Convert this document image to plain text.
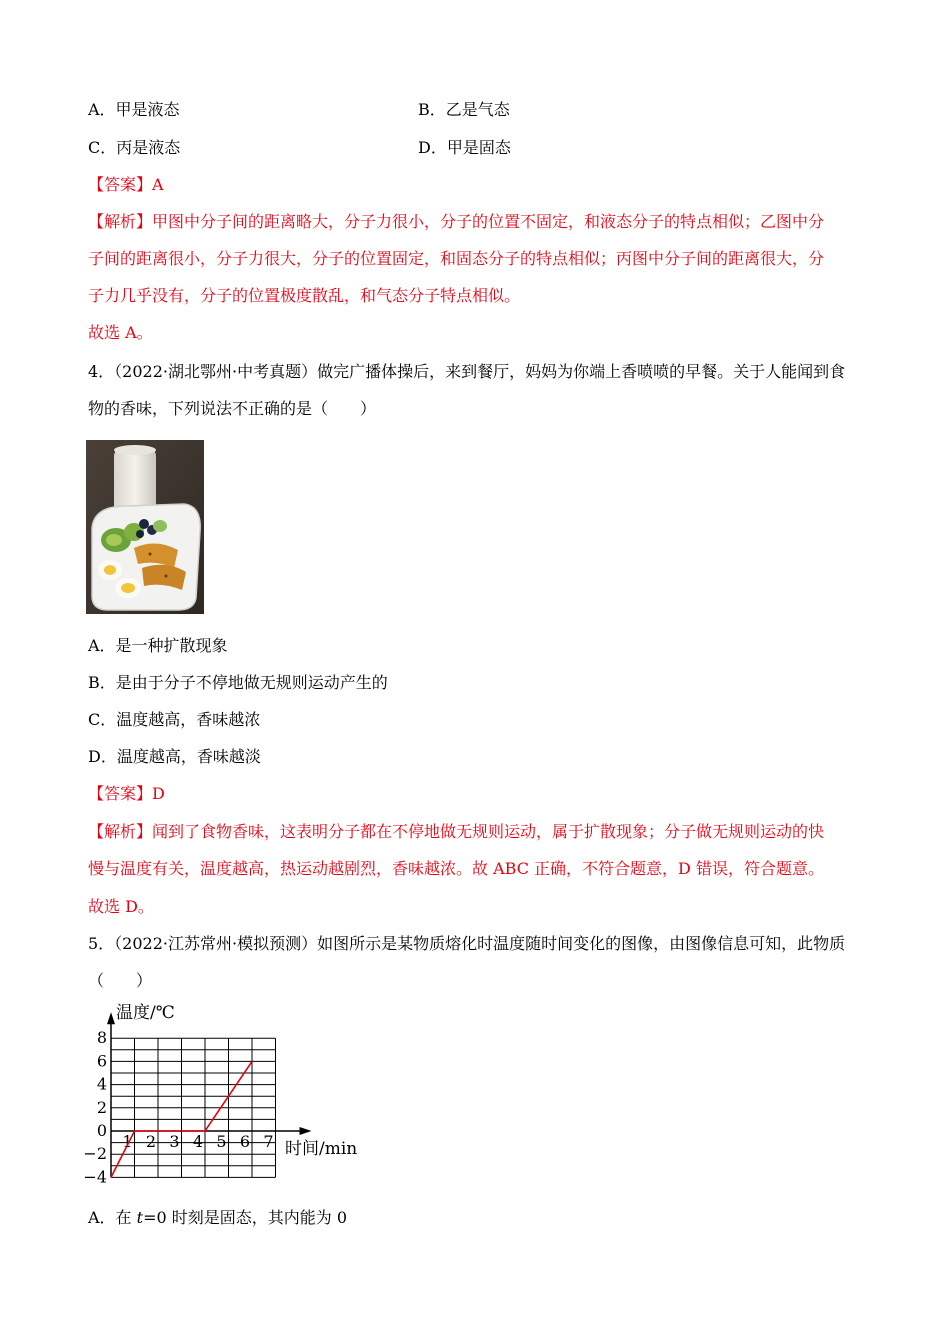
A．甲是液态	B．乙是气态
C．丙是液态	D．甲是固态
【答案】A
【解析】甲图中分子间的距离略大，分子力很小，分子的位置不固定，和液态分子的特点相似；乙图中分
子间的距离很小，分子力很大，分子的位置固定，和固态分子的特点相似；丙图中分子间的距离很大，分
子力几乎没有，分子的位置极度散乱，和气态分子特点相似。
故选 A。
4．（2022·湖北鄂州·中考真题）做完广播体操后，来到餐厅，妈妈为你端上香喷喷的早餐。关于人能闻到食
物的香味，下列说法不正确的是（　　）
A．是一种扩散现象
B．是由于分子不停地做无规则运动产生的
C．温度越高，香味越浓
D．温度越高，香味越淡
【答案】D
【解析】闻到了食物香味，这表明分子都在不停地做无规则运动，属于扩散现象；分子做无规则运动的快
慢与温度有关，温度越高，热运动越剧烈，香味越浓。故 ABC 正确，不符合题意，D 错误，符合题意。
故选 D。
5．（2022·江苏常州·模拟预测）如图所示是某物质熔化时温度随时间变化的图像，由图像信息可知，此物质
（　　）
8
6
4
2
0
−2
−4
1 2 3 4 5 6 7
温度/℃
时间/min
A．在 t=0 时刻是固态，其内能为 0
